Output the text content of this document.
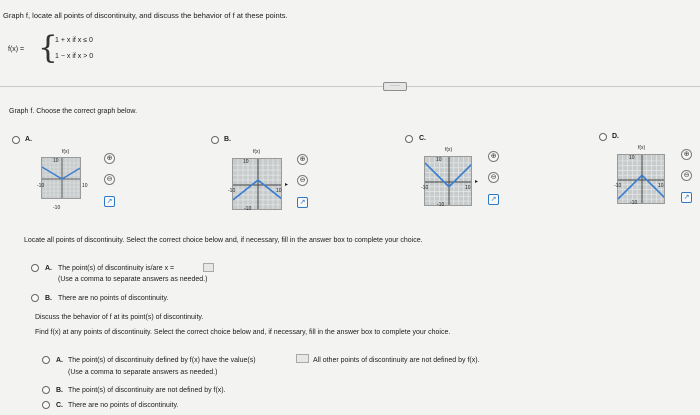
Graph f, locate all points of discontinuity, and discuss the behavior of f at these points.
f(x) = {
1 + x if x ≤ 0
1 − x if x > 0
·····
Graph f. Choose the correct graph below.
A.
f(x)
10
-10	10
-10
⊕
⊖
↗
B.
f(x)
10
-10	10
-10
▸
⊕
⊖
↗
C.
f(x)
10
-10	10
-10
▸
⊕
⊖
↗
D.
f(x)
10
-10	10
-10
⊕
⊖
↗
Locate all points of discontinuity. Select the correct choice below and, if necessary, fill in the answer box to complete your choice.
A. The point(s) of discontinuity is/are x =
(Use a comma to separate answers as needed.)
B. There are no points of discontinuity.
Discuss the behavior of f at its point(s) of discontinuity.
Find f(x) at any points of discontinuity. Select the correct choice below and, if necessary, fill in the answer box to complete your choice.
A. The point(s) of discontinuity defined by f(x) have the value(s)	All other points of discontinuity are not defined by f(x).
(Use a comma to separate answers as needed.)
B. The point(s) of discontinuity are not defined by f(x).
C. There are no points of discontinuity.
